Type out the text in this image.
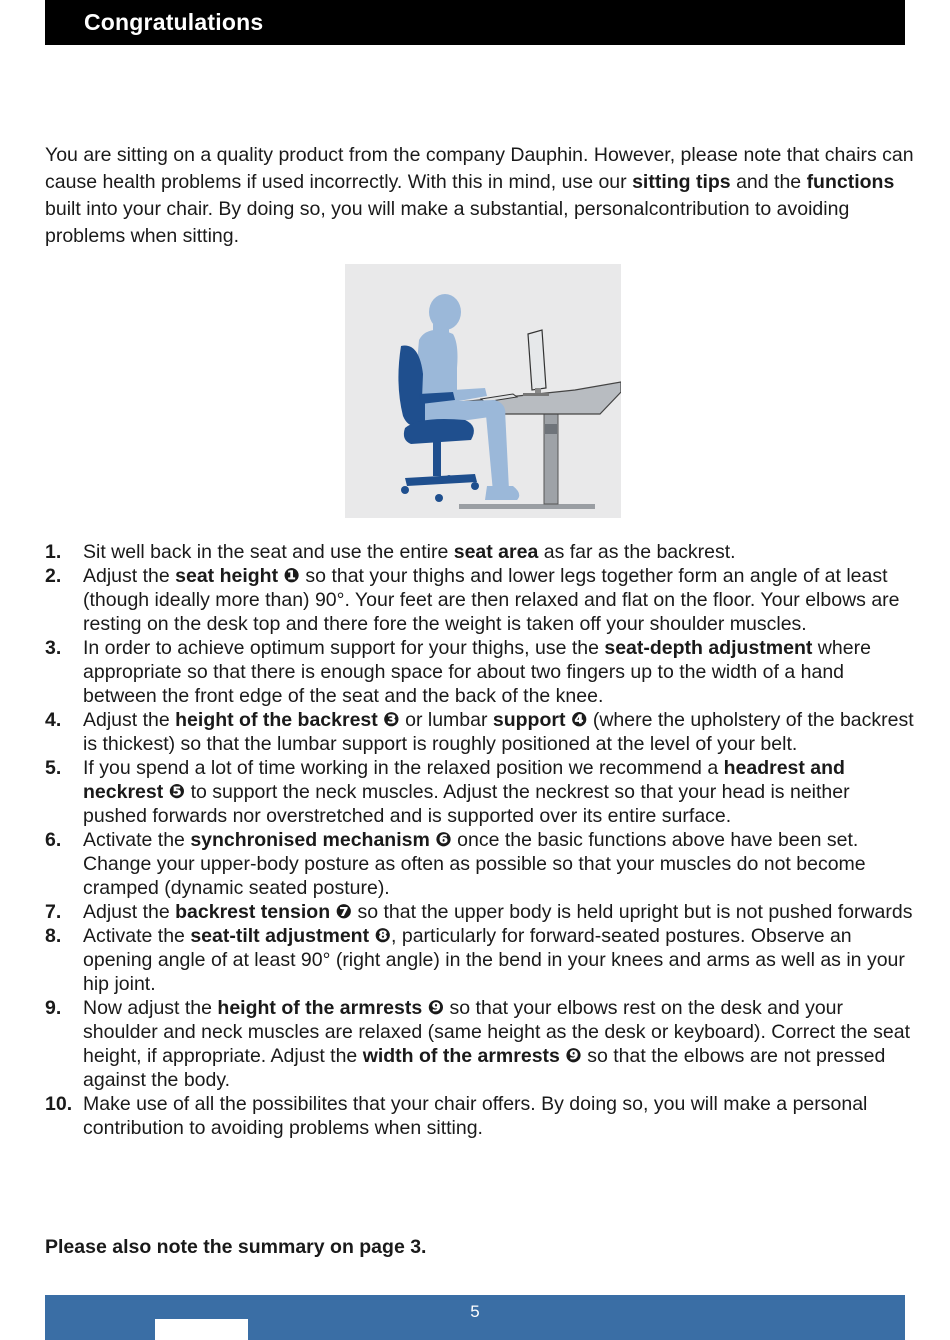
Congratulations

You are sitting on a quality product from the company Dauphin. However, please note that chairs can cause health problems if used incorrectly. With this in mind, use our sitting tips and the functions built into your chair. By doing so, you will make a substantial, personalcontribution to avoiding problems when sitting.

1. Sit well back in the seat and use the entire seat area as far as the backrest.
2. Adjust the seat height ❶ so that your thighs and lower legs together form an angle of at least (though ideally more than) 90°. Your feet are then relaxed and flat on the floor. Your elbows are resting on the desk top and there fore the weight is taken off your shoulder muscles.
3. In order to achieve optimum support for your thighs, use the seat-depth adjustment where appropriate so that there is enough space for about two fingers up to the width of a hand between the front edge of the seat and the back of the knee.
4. Adjust the height of the backrest ❸ or lumbar support ❹ (where the upholstery of the backrest is thickest) so that the lumbar support is roughly positioned at the level of your belt.
5. If you spend a lot of time working in the relaxed position we recommend a headrest and neckrest ❺ to support the neck muscles. Adjust the neckrest so that your head is neither pushed forwards nor overstretched and is supported over its entire surface.
6. Activate the synchronised mechanism ❻ once the basic functions above have been set. Change your upper-body posture as often as possible so that your muscles do not become cramped (dynamic seated posture).
7. Adjust the backrest tension ❼ so that the upper body is held upright but is not pushed forwards
8. Activate the seat-tilt adjustment ❽, particularly for forward-seated postures. Observe an opening angle of at least 90° (right angle) in the bend in your knees and arms as well as in your hip joint.
9. Now adjust the height of the armrests ❾ so that your elbows rest on the desk and your shoulder and neck muscles are relaxed (same height as the desk or keyboard). Correct the seat height, if appropriate. Adjust the width of the armrests ❾ so that the elbows are not pressed against the body.
10. Make use of all the possibilites that your chair offers. By doing so, you will make a personal contribution to avoiding problems when sitting.

Please also note the summary on page 3.

5
